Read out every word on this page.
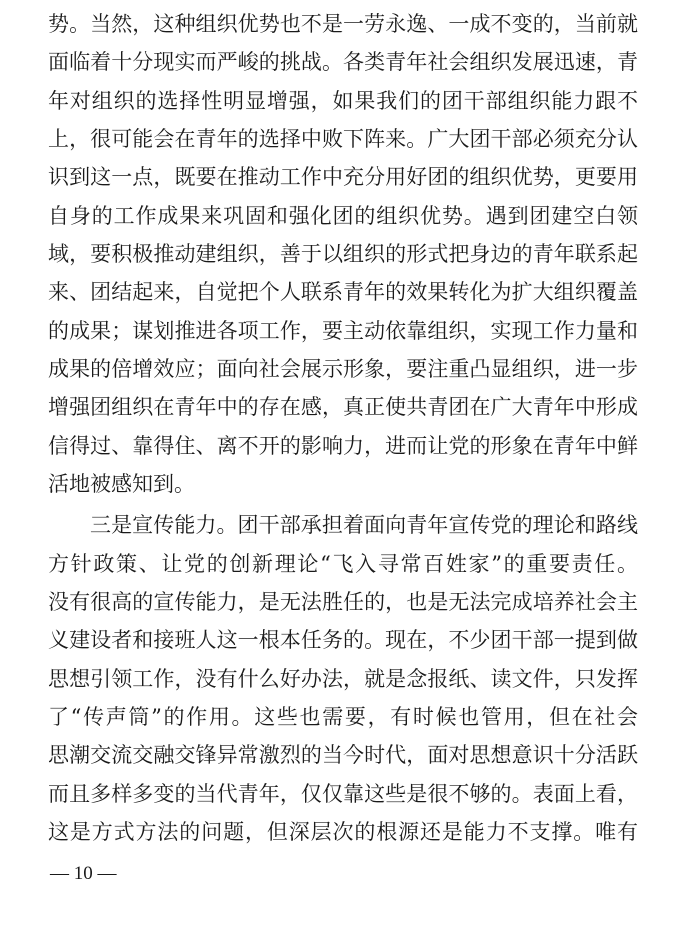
势。当然，这种组织优势也不是一劳永逸、一成不变的，当前就
面临着十分现实而严峻的挑战。各类青年社会组织发展迅速，青
年对组织的选择性明显增强，如果我们的团干部组织能力跟不
上，很可能会在青年的选择中败下阵来。广大团干部必须充分认
识到这一点，既要在推动工作中充分用好团的组织优势，更要用
自身的工作成果来巩固和强化团的组织优势。遇到团建空白领
域，要积极推动建组织，善于以组织的形式把身边的青年联系起
来、团结起来，自觉把个人联系青年的效果转化为扩大组织覆盖
的成果；谋划推进各项工作，要主动依靠组织，实现工作力量和
成果的倍增效应；面向社会展示形象，要注重凸显组织，进一步
增强团组织在青年中的存在感，真正使共青团在广大青年中形成
信得过、靠得住、离不开的影响力，进而让党的形象在青年中鲜
活地被感知到。
三是宣传能力。团干部承担着面向青年宣传党的理论和路线
方针政策、让党的创新理论“飞入寻常百姓家”的重要责任。
没有很高的宣传能力，是无法胜任的，也是无法完成培养社会主
义建设者和接班人这一根本任务的。现在，不少团干部一提到做
思想引领工作，没有什么好办法，就是念报纸、读文件，只发挥
了“传声筒”的作用。这些也需要，有时候也管用，但在社会
思潮交流交融交锋异常激烈的当今时代，面对思想意识十分活跃
而且多样多变的当代青年，仅仅靠这些是很不够的。表面上看，
这是方式方法的问题，但深层次的根源还是能力不支撑。唯有
— 10 —
